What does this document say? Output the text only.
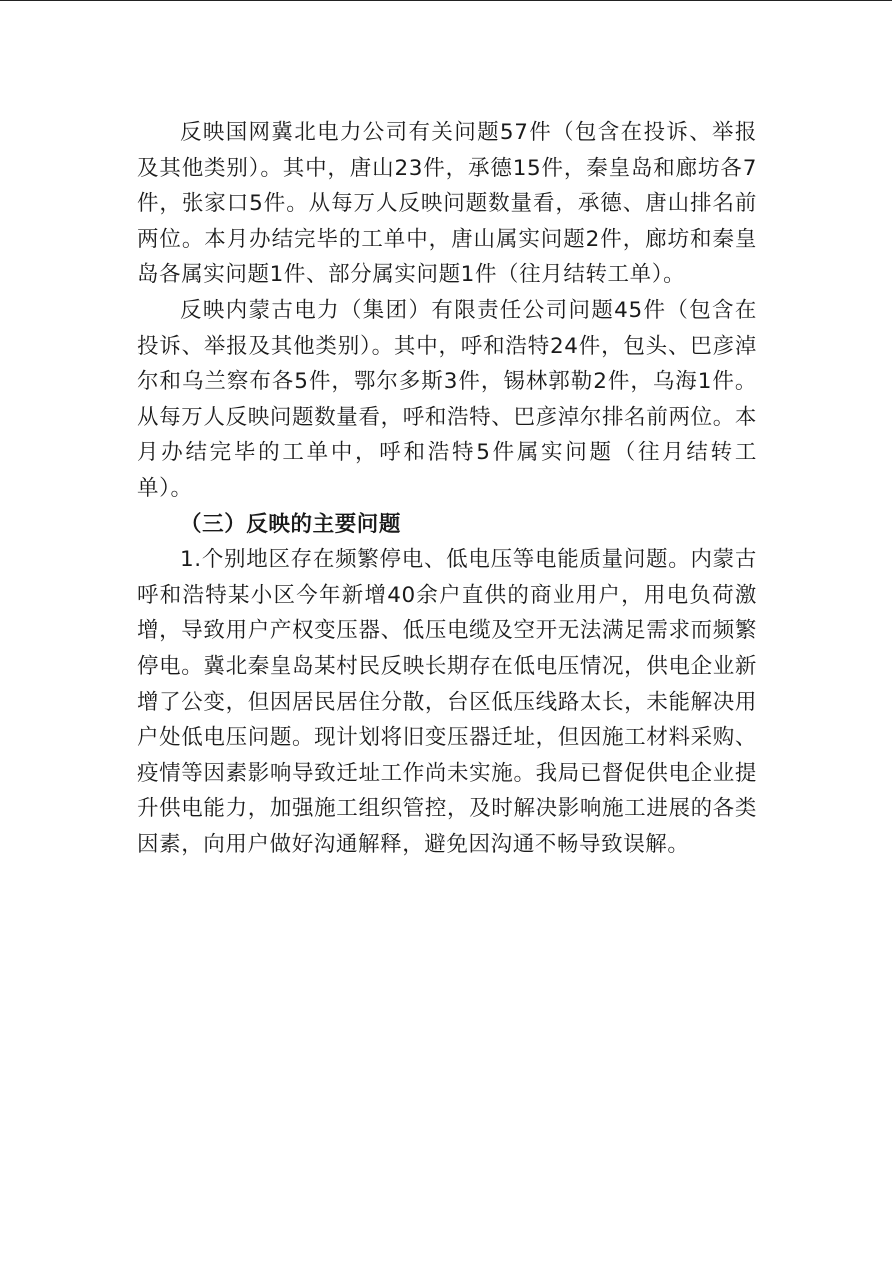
反映国网冀北电力公司有关问题57件（包含在投诉、举报及其他类别）。其中，唐山23件，承德15件，秦皇岛和廊坊各7件，张家口5件。从每万人反映问题数量看，承德、唐山排名前两位。本月办结完毕的工单中，唐山属实问题2件，廊坊和秦皇岛各属实问题1件、部分属实问题1件（往月结转工单）。

反映内蒙古电力（集团）有限责任公司问题45件（包含在投诉、举报及其他类别）。其中，呼和浩特24件，包头、巴彦淖尔和乌兰察布各5件，鄂尔多斯3件，锡林郭勒2件，乌海1件。从每万人反映问题数量看，呼和浩特、巴彦淖尔排名前两位。本月办结完毕的工单中，呼和浩特5件属实问题（往月结转工单）。

（三）反映的主要问题

1.个别地区存在频繁停电、低电压等电能质量问题。内蒙古呼和浩特某小区今年新增40余户直供的商业用户，用电负荷激增，导致用户产权变压器、低压电缆及空开无法满足需求而频繁停电。冀北秦皇岛某村民反映长期存在低电压情况，供电企业新增了公变，但因居民居住分散，台区低压线路太长，未能解决用户处低电压问题。现计划将旧变压器迁址，但因施工材料采购、疫情等因素影响导致迁址工作尚未实施。我局已督促供电企业提升供电能力，加强施工组织管控，及时解决影响施工进展的各类因素，向用户做好沟通解释，避免因沟通不畅导致误解。
